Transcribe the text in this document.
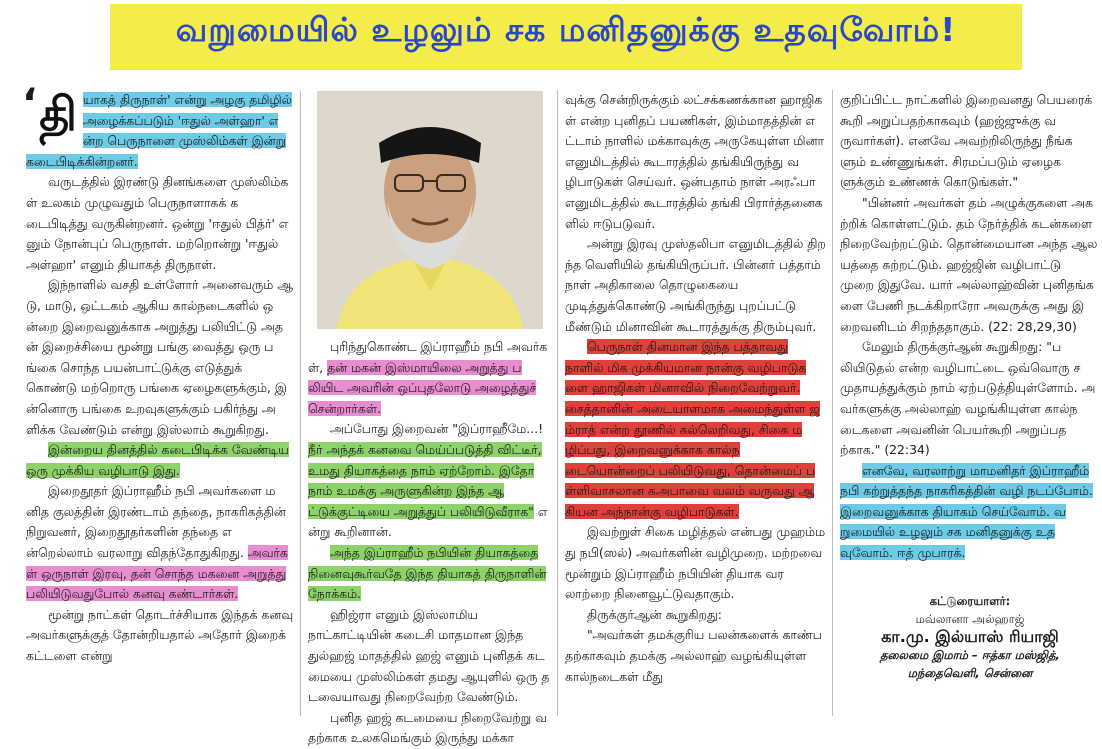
வறுமையில் உழலும் சக மனிதனுக்கு உதவுவோம்!

‘ தி யாகத் திருநாள்' என்று அழகு தமிழில் அழைக்கப்படும் 'ஈதுல் அள்ஹா' என்ற பெருநாளை முஸ்லிம்கள் இன்று கடைபிடிக்கின்றனர்.

வருடத்தில் இரண்டு தினங்களை முஸ்லிம்கள் உலகம் முழுவதும் பெருநாளாகக் கடைபிடித்து வருகின்றனர். ஒன்று 'ஈதுல் பித்ர்' எனும் நோன்புப் பெருநாள். மற்றொன்று 'ஈதுல் அள்ஹா' எனும் தியாகத் திருநாள்.

இந்நாளில் வசதி உள்ளோர் அனைவரும் ஆடு, மாடு, ஒட்டகம் ஆகிய கால்நடைகளில் ஒன்றை இறைவனுக்காக அறுத்து பலியிட்டு அதன் இறைச்சியை மூன்று பங்கு வைத்து ஒரு பங்கை சொந்த பயன்பாட்டுக்கு எடுத்துக் கொண்டு மற்றொரு பங்கை ஏழைகளுக்கும், இன்னொரு பங்கை உறவுகளுக்கும் பகிர்ந்து அளிக்க வேண்டும் என்று இஸ்லாம் கூறுகிறது.

இன்றைய தினத்தில் கடைபிடிக்க வேண்டிய ஒரு முக்கிய வழிபாடு இது.

இறைதூதர் இப்ராஹீம் நபி அவர்களை மனித குலத்தின் இரண்டாம் தந்தை, நாகரிகத்தின் நிறுவனர், இறைதூதர்களின் தந்தை என்றெல்லாம் வரலாறு விதந்தோதுகிறது. அவர்கள் ஒருநாள் இரவு, தன் சொந்த மகனை அறுத்து பலியிடுவதுபோல் கனவு கண்டார்கள்.

மூன்று நாட்கள் தொடர்ச்சியாக இந்தக் கனவு அவர்களுக்குத் தோன்றியதால் அதோர் இறைக் கட்டளை என்று

புரிந்துகொண்ட இப்ராஹீம் நபி அவர்கள், தன் மகன் இஸ்மாயிலை அறுத்து பலியிட அவரின் ஒப்புதலோடு அழைத்துச் சென்றார்கள்.

அப்போது இறைவன் "இப்ராஹீமே...! நீர் அந்தக் கனவை மெய்ப்படுத்தி விட்டீர், உமது தியாகத்தை நாம் ஏற்றோம். இதோ நாம் உமக்கு அருளுகின்ற இந்த ஆட்டுக்குட்டியை அறுத்துப் பலியிடுவீராக" என்று கூறினான்.

அந்த இப்ராஹீம் நபியின் தியாகத்தை நினைவுகூர்வதே இந்த தியாகத் திருநாளின் நோக்கம்.

ஹிஜ்ரா எனும் இஸ்லாமிய நாட்காட்டியின் கடைசி மாதமான இந்த துல்ஹஜ் மாதத்தில் ஹஜ் எனும் புனிதக் கடமையை முஸ்லிம்கள் தமது ஆயுளில் ஒரு தடவையாவது நிறைவேற்ற வேண்டும்.

புனித ஹஜ் கடமையை நிறைவேற்று வதற்காக உலகமெங்கும் இருந்து மக்கா

வுக்கு சென்றிருக்கும் லட்சக்கணக்கான ஹாஜிகள் என்ற புனிதப் பயணிகள், இம்மாதத்தின் எட்டாம் நாளில் மக்காவுக்கு அருகேயுள்ள மினா எனுமிடத்தில் கூடாரத்தில் தங்கியிருந்து வழிபாடுகள் செய்வர். ஒன்பதாம் நாள் அரஃபா எனுமிடத்தில் கூடாரத்தில் தங்கி பிரார்த்தனைகளில் ஈடுபடுவர்.

அன்று இரவு முஸ்தலிபா எனுமிடத்தில் திறந்த வெளியில் தங்கியிருப்பர். பின்னர் பத்தாம் நாள் அதிகாலை தொழுகையை முடித்துக்கொண்டு அங்கிருந்து புறப்பட்டு மீண்டும் மினாவின் கூடாரத்துக்கு திரும்புவர்.

பெருநாள் தினமான இந்த பத்தாவது நாளில் மிக முக்கியமான நான்கு வழிபாடுகளை ஹாஜிகள் மினாவில் நிறைவேற்றுவர். சைத்தானின் அடையாளமாக அமைந்துள்ள ஜம்ராத் என்ற தூணில் கல்லெறிவது, சிகை மழிப்பது, இறைவனுக்காக கால்நடையொன்றைப் பலியிடுவது, தொன்மைப் பள்ளிவாசலான கஅபாவை வலம் வருவது ஆகியன அந்நான்கு வழிபாடுகள்.

இவற்றுள் சிகை மழித்தல் என்பது முஹம்மது நபி(ஸல்) அவர்களின் வழிமுறை. மற்றவை மூன்றும் இப்ராஹீம் நபியின் தியாக வரலாற்றை நினைவூட்டுவதாகும்.

திருக்குர்ஆன் கூறுகிறது:

"அவர்கள் தமக்குரிய பலன்களைக் காண்பதற்காகவும் தமக்கு அல்லாஹ் வழங்கியுள்ள கால்நடைகள் மீது

குறிப்பிட்ட நாட்களில் இறைவனது பெயரைக் கூறி அறுப்பதற்காகவும் (ஹஜ்ஜுக்கு வருவார்கள்). எனவே அவற்றிலிருந்து நீங்களும் உண்ணுங்கள். சிரமப்படும் ஏழைகளுக்கும் உண்ணக் கொடுங்கள்."

"பின்னர் அவர்கள் தம் அழுக்குகளை அகற்றிக் கொள்ளட்டும். தம் நேர்த்திக் கடன்களை நிறைவேற்றட்டும். தொன்மையான அந்த ஆலயத்தை சுற்றட்டும். ஹஜ்ஜின் வழிபாட்டு முறை இதுவே. யார் அல்லாஹ்வின் புனிதங்களை பேணி நடக்கிறாரோ அவருக்கு அது இறைவனிடம் சிறந்ததாகும். (22: 28,29,30)

மேலும் திருக்குர்ஆன் கூறுகிறது: "பலியிடுதல் என்ற வழிபாட்டை ஒவ்வொரு சமுதாயத்துக்கும் நாம் ஏற்படுத்தியுள்ளோம். அவர்களுக்கு அல்லாஹ் வழங்கியுள்ள கால்நடைகளை அவனின் பெயர்கூறி அறுப்பதற்காக." (22:34)

எனவே, வரலாற்று மாமனிதர் இப்ராஹீம் நபி கற்றுத்தந்த நாகரிகத்தின் வழி நடப்போம். இறைவனுக்காக தியாகம் செய்வோம். வறுமையில் உழலும் சக மனிதனுக்கு உதவுவோம். ஈத் முபாரக்.

கட்டுரையாளர்:
மவ்லானா அல்ஹாஜ்
கா.மு. இல்யாஸ் ரியாஜி
தலைமை இமாம் – ஈத்கா மஸ்ஜித்,
மந்தைவெளி, சென்னை
